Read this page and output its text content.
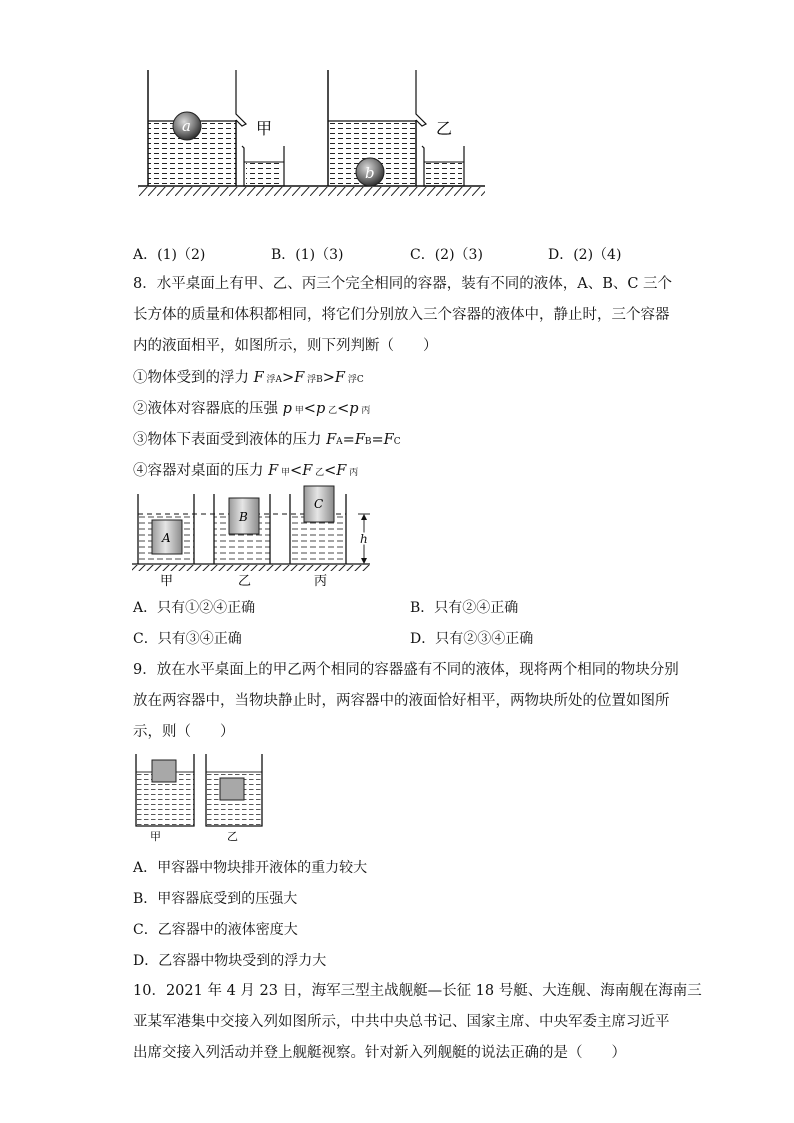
a	甲
b
乙
A．(1)（2)	B．(1)（3)	C．(2)（3)	D．(2)（4)
8．水平桌面上有甲、乙、丙三个完全相同的容器，装有不同的液体，A、B、C 三个
长方体的质量和体积都相同，将它们分别放入三个容器的液体中，静止时，三个容器
内的液面相平，如图所示，则下列判断（　　）
①物体受到的浮力 F 浮A>F 浮B>F 浮C
②液体对容器底的压强 p 甲<p 乙<p 丙
③物体下表面受到液体的压力 FA=FB=FC
④容器对桌面的压力 F 甲<F 乙<F 丙
A
B
C
h
甲	乙	丙
A．只有①②④正确	B．只有②④正确
C．只有③④正确	D．只有②③④正确
9．放在水平桌面上的甲乙两个相同的容器盛有不同的液体，现将两个相同的物块分别
放在两容器中，当物块静止时，两容器中的液面恰好相平，两物块所处的位置如图所
示，则（　　）
甲	乙
A．甲容器中物块排开液体的重力较大
B．甲容器底受到的压强大
C．乙容器中的液体密度大
D．乙容器中物块受到的浮力大
10．2021 年 4 月 23 日，海军三型主战舰艇—长征 18 号艇、大连舰、海南舰在海南三
亚某军港集中交接入列如图所示，中共中央总书记、国家主席、中央军委主席习近平
出席交接入列活动并登上舰艇视察。针对新入列舰艇的说法正确的是（　　）
